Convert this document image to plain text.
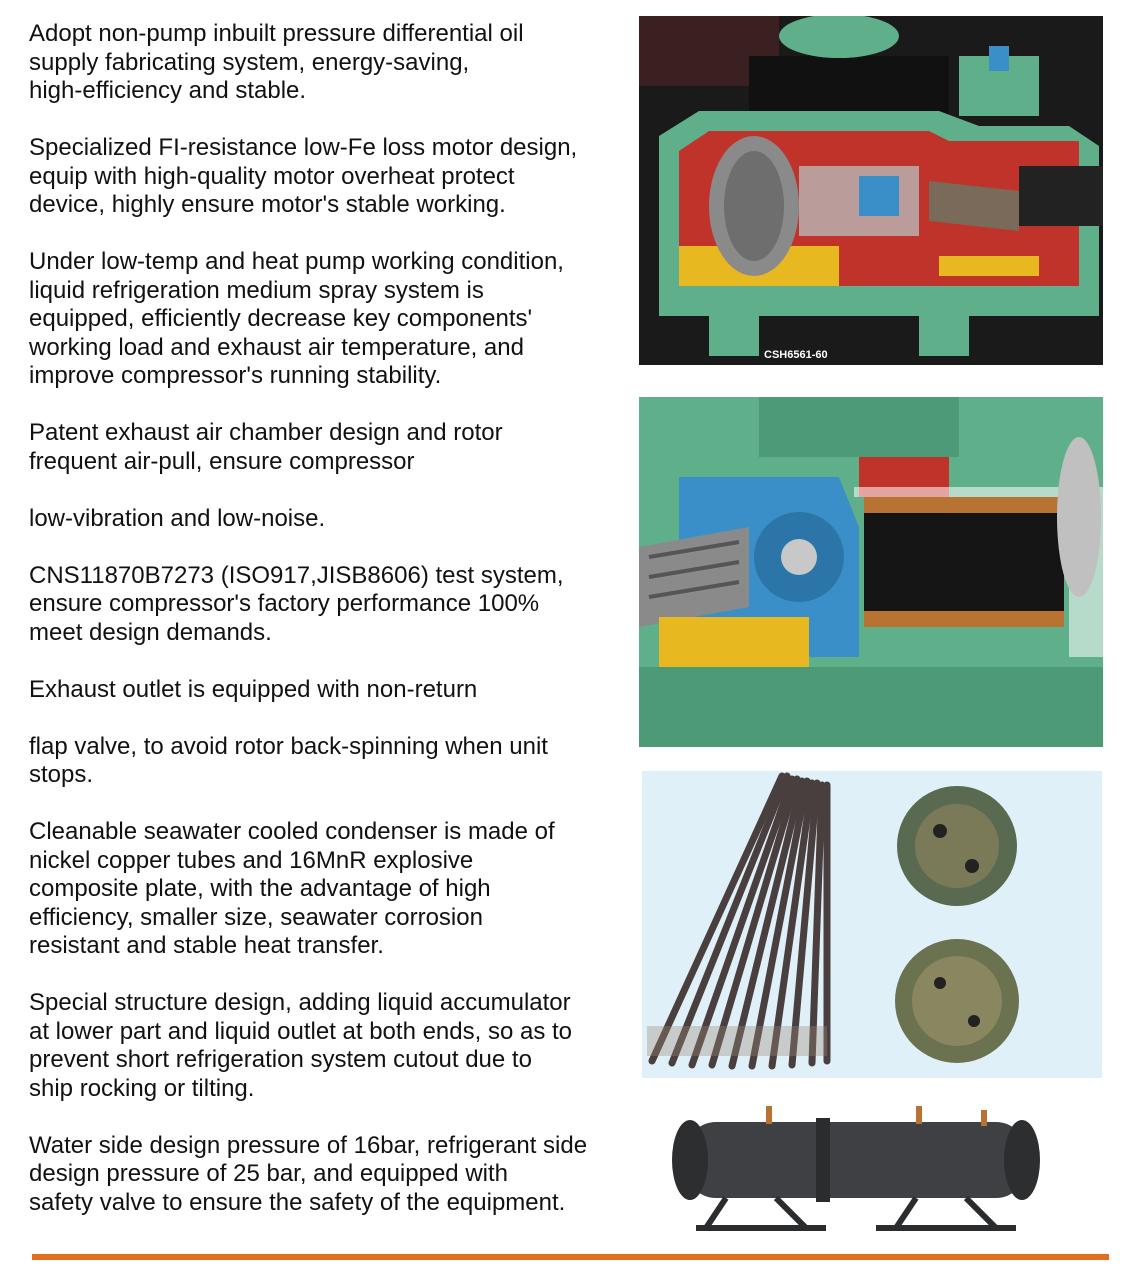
Adopt non-pump inbuilt pressure differential oil
supply fabricating system, energy-saving,
high-efficiency and stable.

Specialized FI-resistance low-Fe loss motor design,
equip with high-quality motor overheat protect
device, highly ensure motor's stable working.

Under low-temp and heat pump working condition,
liquid refrigeration medium spray system is
equipped, efficiently decrease key components'
working load and exhaust air temperature, and
improve compressor's running stability.

Patent exhaust air chamber design and rotor
frequent air-pull, ensure compressor

low-vibration and low-noise.

CNS11870B7273 (ISO917,JISB8606) test system,
ensure compressor's factory performance 100%
meet design demands.

Exhaust outlet is equipped with non-return

flap valve, to avoid rotor back-spinning when unit
stops.

Cleanable seawater cooled condenser is made of
nickel copper tubes and 16MnR explosive
composite plate, with the advantage of high
efficiency, smaller size, seawater corrosion
resistant and stable heat transfer.

Special structure design, adding liquid accumulator
at lower part and liquid outlet at both ends, so as to
prevent short refrigeration system cutout due to
ship rocking or tilting.

Water side design pressure of 16bar, refrigerant side
design pressure of 25 bar, and equipped with
safety valve to ensure the safety of the equipment.

CSH6561-60
